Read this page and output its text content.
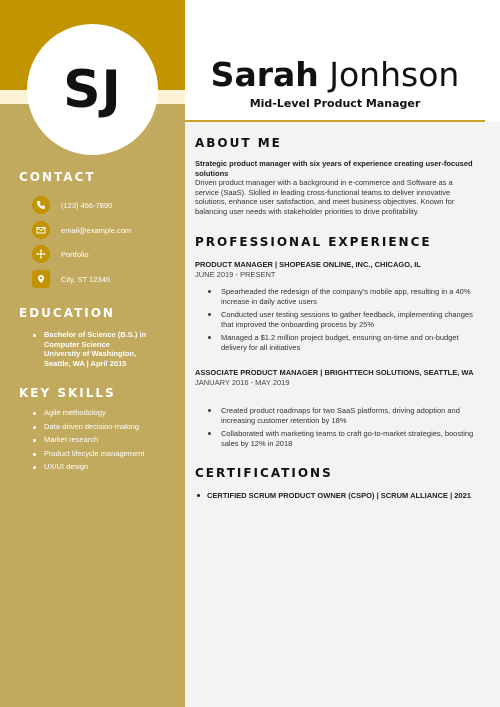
SJ	Sarah Jonhson
Mid-Level Product Manager
CONTACT
(123) 456-7890
email@example.com
Portfolio
City, ST 12345
EDUCATION
Bachelor of Science (B.S.) in
Computer Science
University of Washington,
Seattle, WA | April 2015
KEY SKILLS
Agile methodology
Data-driven decision-making
Market research
Product lifecycle management
UX/UI design
ABOUT ME
Strategic product manager with six years of experience creating user-focused solutions
Driven product manager with a background in e-commerce and Software as a service (SaaS). Skilled in leading cross-functional teams to deliver innovative solutions, enhance user satisfaction, and meet business objectives. Known for balancing user needs with stakeholder priorities to drive profitability.
PROFESSIONAL EXPERIENCE
PRODUCT MANAGER | SHOPEASE ONLINE, INC., CHICAGO, IL
JUNE 2019 - PRESENT
Spearheaded the redesign of the company's mobile app, resulting in a 40% increase in daily active users
Conducted user testing sessions to gather feedback, implementing changes that improved the onboarding process by 25%
Managed a $1.2 million project budget, ensuring on-time and on-budget delivery for all initiatives
ASSOCIATE PRODUCT MANAGER | BRIGHTTECH SOLUTIONS, SEATTLE, WA
JANUARY 2016 - MAY 2019
Created product roadmaps for two SaaS platforms, driving adoption and increasing customer retention by 18%
Collaborated with marketing teams to craft go-to-market strategies, boosting sales by 12% in 2018
CERTIFICATIONS
CERTIFIED SCRUM PRODUCT OWNER (CSPO) | SCRUM ALLIANCE | 2021
